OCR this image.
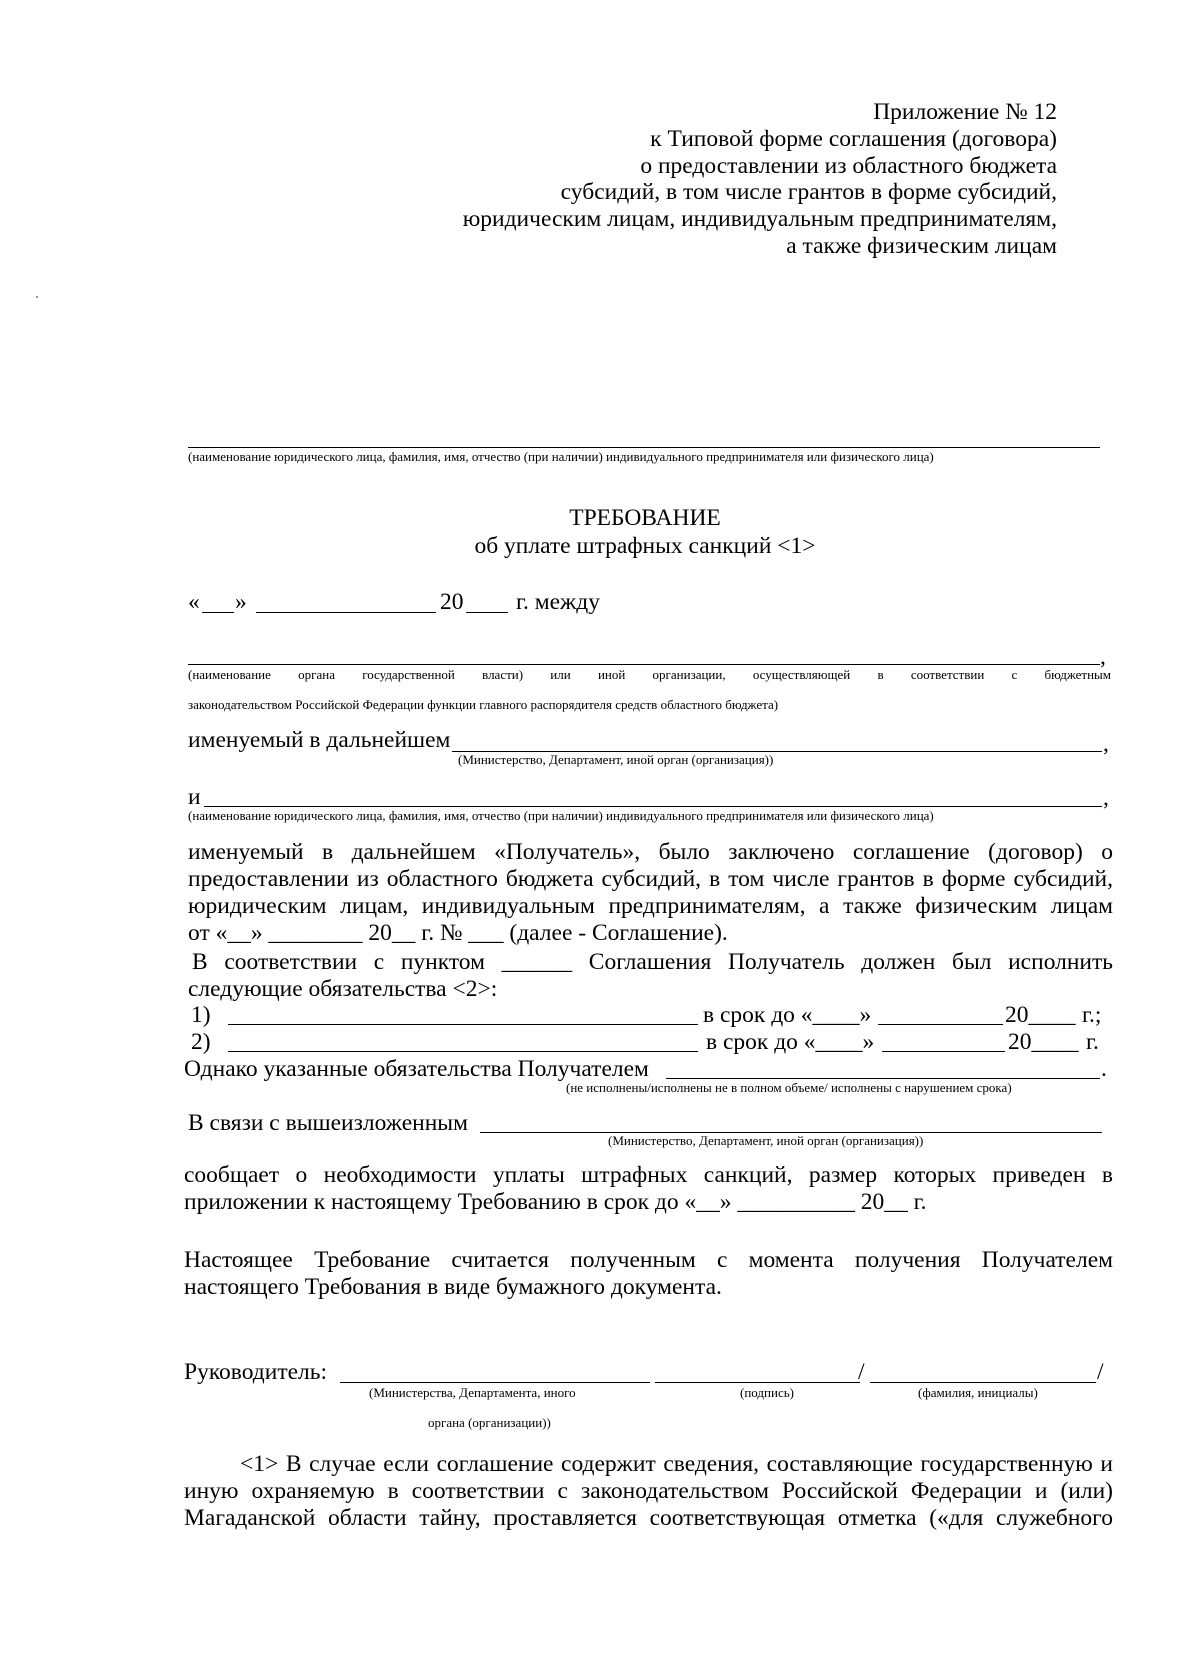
Приложение № 12
к Типовой форме соглашения (договора)
о предоставлении из областного бюджета
субсидий, в том числе грантов в форме субсидий,
юридическим лицам, индивидуальным предпринимателям,
а также физическим лицам
(наименование юридического лица, фамилия, имя, отчество (при наличии) индивидуального предпринимателя или физического лица)
ТРЕБОВАНИЕ
об уплате штрафных санкций <1>
« »	20 г. между
,
(наименование органа государственной власти) или иной организации, осуществляющей в соответствии с бюджетным
законодательством Российской Федерации функции главного распорядителя средств областного бюджета)
именуемый в дальнейшем	,
(Министерство, Департамент, иной орган (организация))
и	,
(наименование юридического лица, фамилия, имя, отчество (при наличии) индивидуального предпринимателя или физического лица)
именуемый в дальнейшем «Получатель», было заключено соглашение (договор) о
предоставлении из областного бюджета субсидий, в том числе грантов в форме субсидий,
юридическим лицам, индивидуальным предпринимателям, а также физическим лицам
от «__» ________ 20__ г. № ___ (далее - Соглашение).
В соответствии с пунктом ______ Соглашения Получатель должен был исполнить
следующие обязательства <2>:
1)	в срок до «____»	20____ г.;
2)	в срок до «____»	20____ г.
Однако указанные обязательства Получателем	.
(не исполнены/исполнены не в полном объеме/ исполнены с нарушением срока)
В связи с вышеизложенным
(Министерство, Департамент, иной орган (организация))
сообщает о необходимости уплаты штрафных санкций, размер которых приведен в
приложении к настоящему Требованию в срок до «__» __________ 20__ г.
Настоящее Требование считается полученным с момента получения Получателем
настоящего Требования в виде бумажного документа.
Руководитель:	/	/
(Министерства, Департамента, иного
органа (организации))
(подпись)	(фамилия, инициалы)
<1> В случае если соглашение содержит сведения, составляющие государственную и
иную охраняемую в соответствии с законодательством Российской Федерации и (или)
Магаданской области тайну, проставляется соответствующая отметка («для служебного
